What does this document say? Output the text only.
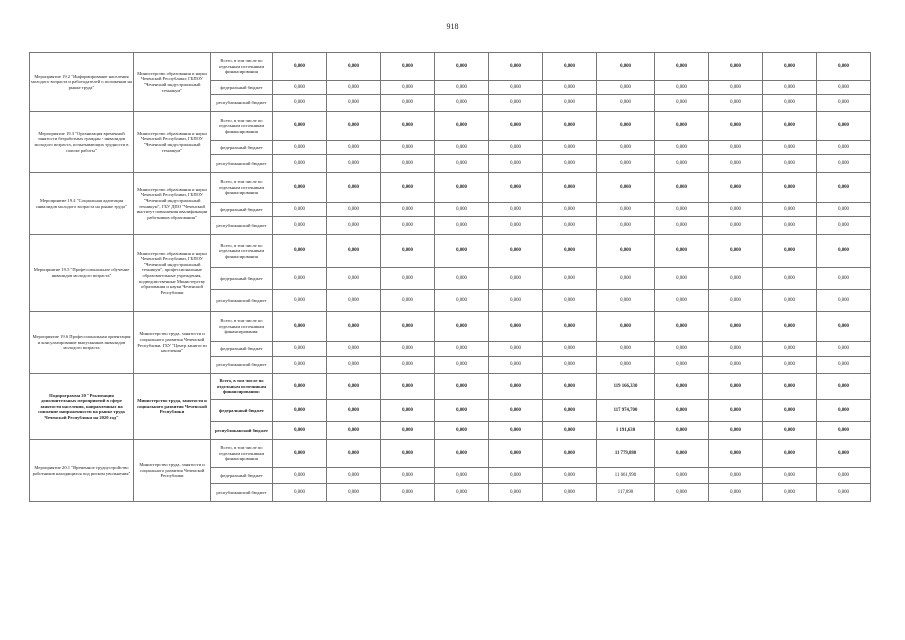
918
Мероприятие 19.2 "Информирование населения молодого возраста и работодателей о положении на рынке труда"	Министерство образования и науки Чеченской Республики; ГБПОУ "Чеченский индустриальный техникум"	Всего, в том числе по отдельным источникам финансирования	0,000	0,000	0,000	0,000	0,000	0,000	0,000	0,000	0,000	0,000	0,000
		федеральный бюджет	0,000	0,000	0,000	0,000	0,000	0,000	0,000	0,000	0,000	0,000	0,000
		республиканский бюджет	0,000	0,000	0,000	0,000	0,000	0,000	0,000	0,000	0,000	0,000	0,000
Мероприятие 19.3 "Организация временной занятости безработных граждан - инвалидов молодого возраста, испытывающих трудности в поиске работы"	Министерство образования и науки Чеченской Республики, ГБПОУ "Чеченский индустриальный техникум"	Всего, в том числе по отдельным источникам финансирования	0,000	0,000	0,000	0,000	0,000	0,000	0,000	0,000	0,000	0,000	0,000
		федеральный бюджет	0,000	0,000	0,000	0,000	0,000	0,000	0,000	0,000	0,000	0,000	0,000
		республиканский бюджет	0,000	0,000	0,000	0,000	0,000	0,000	0,000	0,000	0,000	0,000	0,000
Мероприятие 19.4 "Социальная адаптация инвалидов молодого возраста на рынке труда"	Министерство образования и науки Чеченской Республики, ГБПОУ "Чеченский индустриальный техникум", ГБУ ДПО "Чеченский институт повышения квалификации работников образования"	Всего, в том числе по отдельным источникам финансирования	0,000	0,000	0,000	0,000	0,000	0,000	0,000	0,000	0,000	0,000	0,000
		федеральный бюджет	0,000	0,000	0,000	0,000	0,000	0,000	0,000	0,000	0,000	0,000	0,000
		республиканский бюджет	0,000	0,000	0,000	0,000	0,000	0,000	0,000	0,000	0,000	0,000	0,000
Мероприятие 19.5 "Профессиональное обучение инвалидов молодого возраста"	Министерство образования и науки Чеченской Республики, ГБПОУ "Чеченский индустриальный техникум", профессиональные образовательные учреждения, подведомственные Министерству образования и науки Чеченской Республики	Всего, в том числе по отдельным источникам финансирования	0,000	0,000	0,000	0,000	0,000	0,000	0,000	0,000	0,000	0,000	0,000
		федеральный бюджет	0,000	0,000	0,000	0,000	0,000	0,000	0,000	0,000	0,000	0,000	0,000
		республиканский бюджет	0,000	0,000	0,000	0,000	0,000	0,000	0,000	0,000	0,000	0,000	0,000
Мероприятие 19.6 Профессиональная ориентация и консультирование выпускников инвалидов молодого возраста	Министерство труда, занятости и социального развития Чеченской Республики, ГБУ "Центр занятости населения"	Всего, в том числе по отдельным источникам финансирования:	0,000	0,000	0,000	0,000	0,000	0,000	0,000	0,000	0,000	0,000	0,000
		федеральный бюджет	0,000	0,000	0,000	0,000	0,000	0,000	0,000	0,000	0,000	0,000	0,000
		республиканский бюджет	0,000	0,000	0,000	0,000	0,000	0,000	0,000	0,000	0,000	0,000	0,000
Подпрограмма 20 "Реализация дополнительных мероприятий в сфере занятости населения, направленных на снижение напряженности на рынке труда Чеченской Республики на 2020 год"	Министерство труда, занятости и социального развития Чеченской Республики	Всего, в том числе по отдельным источникам финансирования:	0,000	0,000	0,000	0,000	0,000	0,000	119 166,330	0,000	0,000	0,000	0,000
		федеральный бюджет	0,000	0,000	0,000	0,000	0,000	0,000	117 974,700	0,000	0,000	0,000	0,000
		республиканский бюджет	0,000	0,000	0,000	0,000	0,000	0,000	1 191,630	0,000	0,000	0,000	0,000
Мероприятие 20.1 "Временное трудоустройство работников находящихся под риском увольнения"	Министерство труда, занятости и социального развития Чеченской Республики	Всего, в том числе по отдельным источникам финансирования	0,000	0,000	0,000	0,000	0,000	0,000	11 779,880	0,000	0,000	0,000	0,000
		федеральный бюджет	0,000	0,000	0,000	0,000	0,000	0,000	11 661,990	0,000	0,000	0,000	0,000
		республиканский бюджет	0,000	0,000	0,000	0,000	0,000	0,000	117,890	0,000	0,000	0,000	0,000
